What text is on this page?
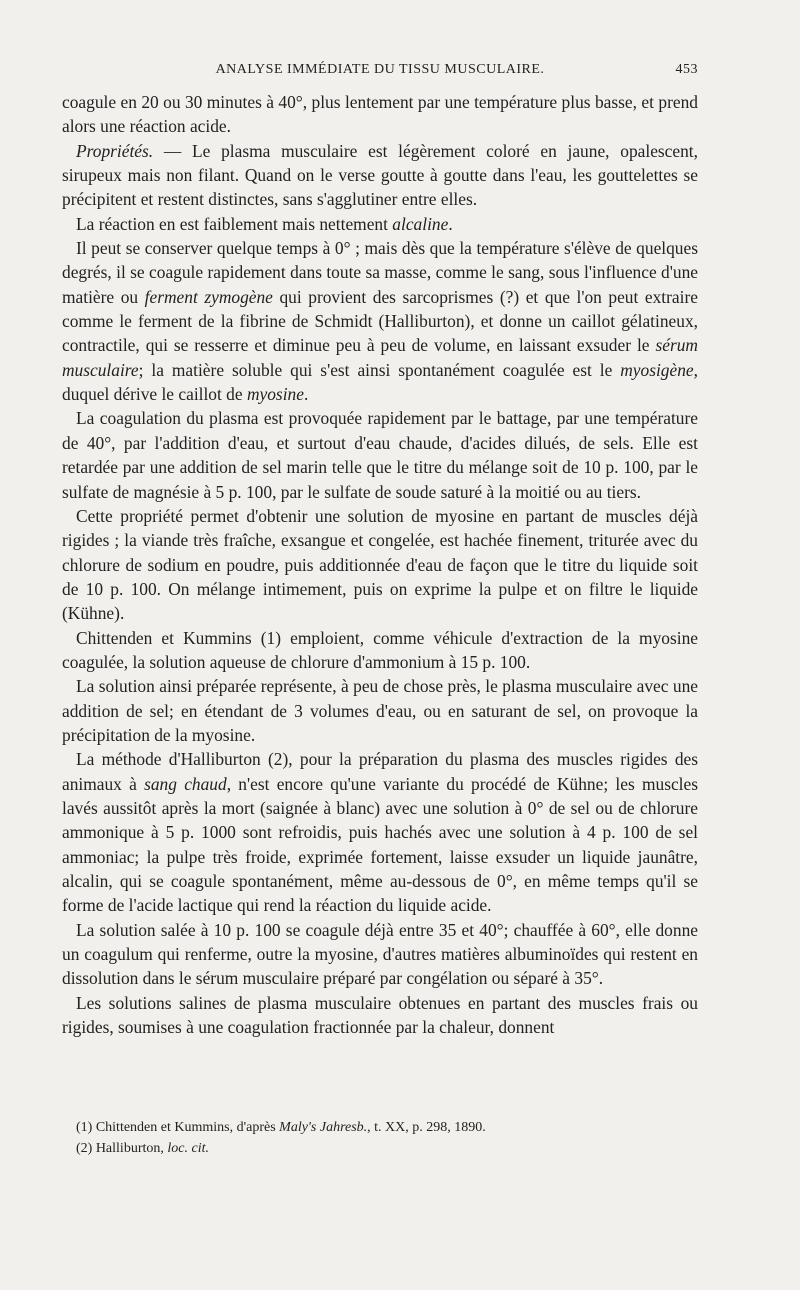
ANALYSE IMMÉDIATE DU TISSU MUSCULAIRE.	453

coagule en 20 ou 30 minutes à 40°, plus lentement par une température plus basse, et prend alors une réaction acide.

Propriétés. — Le plasma musculaire est légèrement coloré en jaune, opalescent, sirupeux mais non filant. Quand on le verse goutte à goutte dans l'eau, les gouttelettes se précipitent et restent distinctes, sans s'agglutiner entre elles.

La réaction en est faiblement mais nettement alcaline.

Il peut se conserver quelque temps à 0° ; mais dès que la température s'élève de quelques degrés, il se coagule rapidement dans toute sa masse, comme le sang, sous l'influence d'une matière ou ferment zymogène qui provient des sarcoprismes (?) et que l'on peut extraire comme le ferment de la fibrine de Schmidt (Halliburton), et donne un caillot gélatineux, contractile, qui se resserre et diminue peu à peu de volume, en laissant exsuder le sérum musculaire; la matière soluble qui s'est ainsi spontanément coagulée est le myosigène, duquel dérive le caillot de myosine.

La coagulation du plasma est provoquée rapidement par le battage, par une température de 40°, par l'addition d'eau, et surtout d'eau chaude, d'acides dilués, de sels. Elle est retardée par une addition de sel marin telle que le titre du mélange soit de 10 p. 100, par le sulfate de magnésie à 5 p. 100, par le sulfate de soude saturé à la moitié ou au tiers.

Cette propriété permet d'obtenir une solution de myosine en partant de muscles déjà rigides ; la viande très fraîche, exsangue et congelée, est hachée finement, triturée avec du chlorure de sodium en poudre, puis additionnée d'eau de façon que le titre du liquide soit de 10 p. 100. On mélange intimement, puis on exprime la pulpe et on filtre le liquide (Kühne).

Chittenden et Kummins (1) emploient, comme véhicule d'extraction de la myosine coagulée, la solution aqueuse de chlorure d'ammonium à 15 p. 100.

La solution ainsi préparée représente, à peu de chose près, le plasma musculaire avec une addition de sel; en étendant de 3 volumes d'eau, ou en saturant de sel, on provoque la précipitation de la myosine.

La méthode d'Halliburton (2), pour la préparation du plasma des muscles rigides des animaux à sang chaud, n'est encore qu'une variante du procédé de Kühne; les muscles lavés aussitôt après la mort (saignée à blanc) avec une solution à 0° de sel ou de chlorure ammonique à 5 p. 1000 sont refroidis, puis hachés avec une solution à 4 p. 100 de sel ammoniac; la pulpe très froide, exprimée fortement, laisse exsuder un liquide jaunâtre, alcalin, qui se coagule spontanément, même au-dessous de 0°, en même temps qu'il se forme de l'acide lactique qui rend la réaction du liquide acide.

La solution salée à 10 p. 100 se coagule déjà entre 35 et 40°; chauffée à 60°, elle donne un coagulum qui renferme, outre la myosine, d'autres matières albuminoïdes qui restent en dissolution dans le sérum musculaire préparé par congélation ou séparé à 35°.

Les solutions salines de plasma musculaire obtenues en partant des muscles frais ou rigides, soumises à une coagulation fractionnée par la chaleur, donnent

(1) Chittenden et Kummins, d'après Maly's Jahresb., t. XX, p. 298, 1890.
(2) Halliburton, loc. cit.
